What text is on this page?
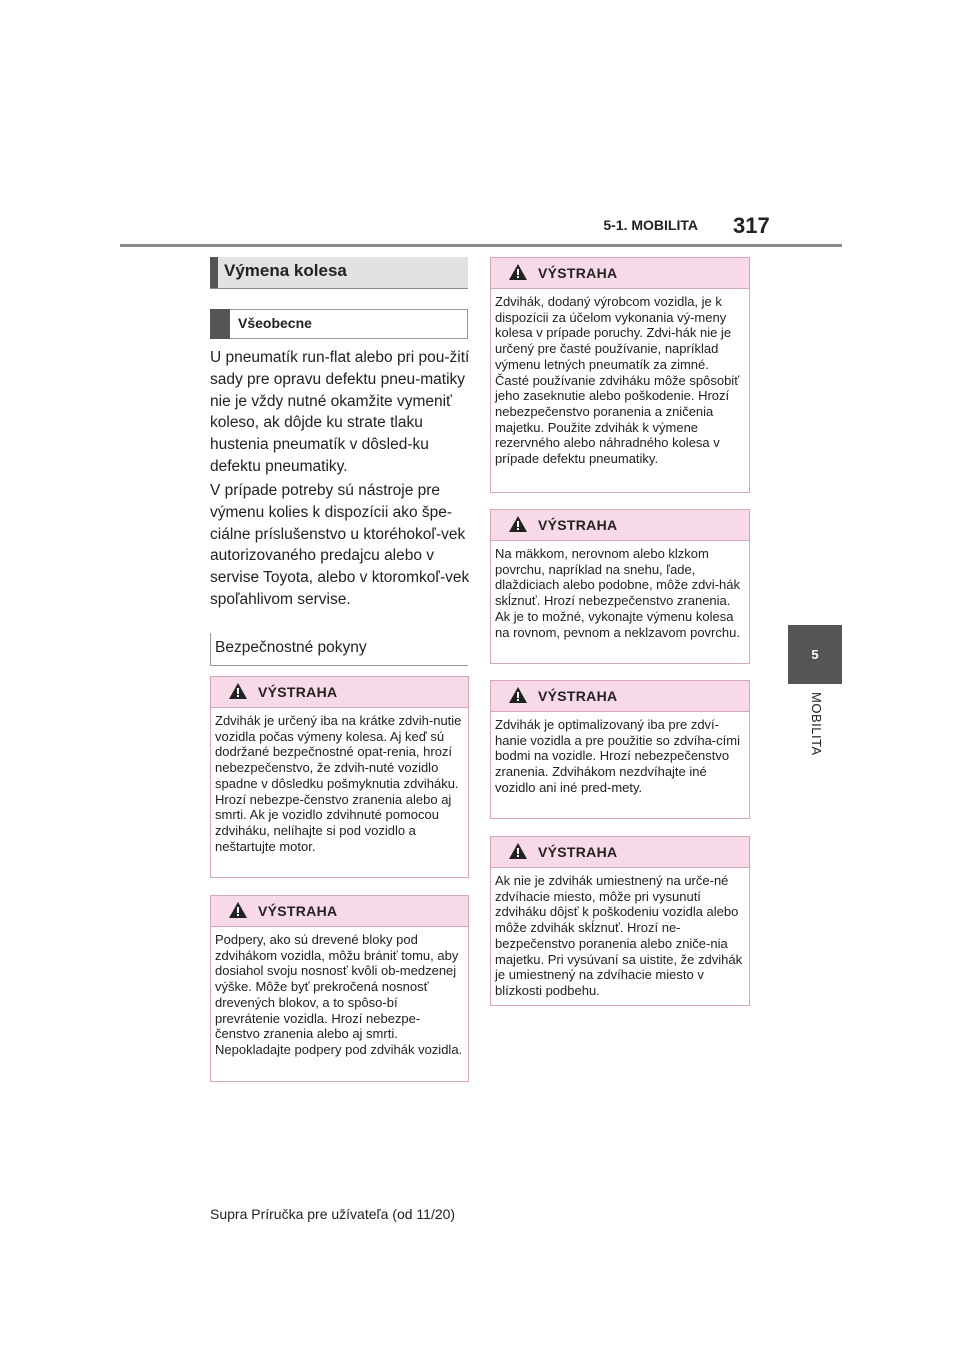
5-1. MOBILITA 317
5
MOBILITA
Výmena kolesa
Všeobecne

U pneumatík run-flat alebo pri pou-žití sady pre opravu defektu pneu-matiky nie je vždy nutné okamžite vymeniť koleso, ak dôjde ku strate tlaku hustenia pneumatík v dôsled-ku defektu pneumatiky.

V prípade potreby sú nástroje pre výmenu kolies k dispozícii ako špe-ciálne príslušenstvo u ktoréhokoľ-vek autorizovaného predajcu alebo v servise Toyota, alebo v ktoromkoľ-vek spoľahlivom servise.

Bezpečnostné pokyny
VÝSTRAHA
Zdvihák je určený iba na krátke zdvih-nutie vozidla počas výmeny kolesa. Aj keď sú dodržané bezpečnostné opat-renia, hrozí nebezpečenstvo, že zdvih-nuté vozidlo spadne v dôsledku pošmyknutia zdviháku. Hrozí nebezpe-čenstvo zranenia alebo aj smrti. Ak je vozidlo zdvihnuté pomocou zdviháku, nelíhajte si pod vozidlo a neštartujte motor.
VÝSTRAHA
Podpery, ako sú drevené bloky pod zdvihákom vozidla, môžu brániť tomu, aby dosiahol svoju nosnosť kvôli ob-medzenej výške. Môže byť prekročená nosnosť drevených blokov, a to spôso-bí prevrátenie vozidla. Hrozí nebezpe-čenstvo zranenia alebo aj smrti. Nepokladajte podpery pod zdvihák vozidla.
VÝSTRAHA
Zdvihák, dodaný výrobcom vozidla, je k dispozícii za účelom vykonania vý-meny kolesa v prípade poruchy. Zdvi-hák nie je určený pre časté používanie, napríklad výmenu letných pneumatík za zimné. Časté používanie zdviháku môže spôsobiť jeho zaseknutie alebo poškodenie. Hrozí nebezpečenstvo poranenia a zničenia majetku. Použite zdvihák k výmene rezervného alebo náhradného kolesa v prípade defektu pneumatiky.
VÝSTRAHA
Na mäkkom, nerovnom alebo klzkom povrchu, napríklad na snehu, ľade, dlaždiciach alebo podobne, môže zdvi-hák skĺznuť. Hrozí nebezpečenstvo zranenia. Ak je to možné, vykonajte výmenu kolesa na rovnom, pevnom a neklzavom povrchu.
VÝSTRAHA
Zdvihák je optimalizovaný iba pre zdví-hanie vozidla a pre použitie so zdvíha-cími bodmi na vozidle. Hrozí nebezpečenstvo zranenia. Zdvihákom nezdvíhajte iné vozidlo ani iné pred-mety.
VÝSTRAHA
Ak nie je zdvihák umiestnený na urče-né zdvíhacie miesto, môže pri vysunutí zdviháku dôjsť k poškodeniu vozidla alebo môže zdvihák skĺznuť. Hrozí ne-bezpečenstvo poranenia alebo zniče-nia majetku. Pri vysúvaní sa uistite, že zdvihák je umiestnený na zdvíhacie miesto v blízkosti podbehu.
Supra Príručka pre užívateľa (od 11/20)
